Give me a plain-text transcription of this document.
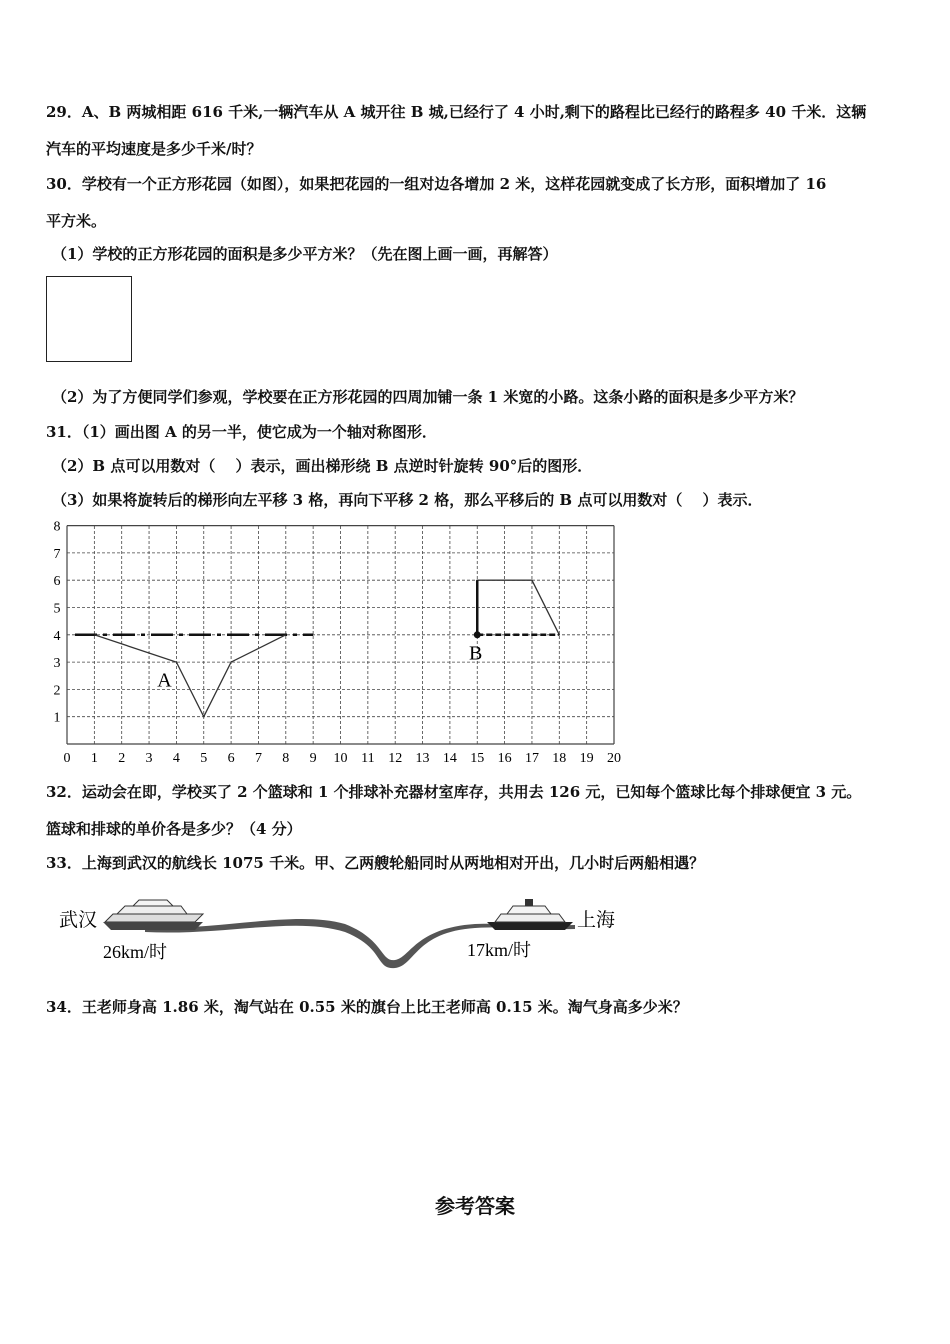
29．A、B 两城相距 616 千米,一辆汽车从 A 城开往 B 城,已经行了 4 小时,剩下的路程比已经行的路程多 40 千米．这辆
汽车的平均速度是多少千米/时？
30．学校有一个正方形花园（如图），如果把花园的一组对边各增加 2 米，这样花园就变成了长方形，面积增加了 16
平方米。
（1）学校的正方形花园的面积是多少平方米？（先在图上画一画，再解答）
（2）为了方便同学们参观，学校要在正方形花园的四周加铺一条 1 米宽的小路。这条小路的面积是多少平方米？
31．（1）画出图 A 的另一半，使它成为一个轴对称图形．
（2）B 点可以用数对（　 ）表示，画出梯形绕 B 点逆时针旋转 90°后的图形．
（3）如果将旋转后的梯形向左平移 3 格，再向下平移 2 格，那么平移后的 B 点可以用数对（　 ）表示．
0 1 2 3 4 5 6 7 8 9 10 11 12 13 14 15 16 17 18 19 20
1
2
3
4
5
6
7
8
A
B
32．运动会在即，学校买了 2 个篮球和 1 个排球补充器材室库存，共用去 126 元，已知每个篮球比每个排球便宜 3 元。
篮球和排球的单价各是多少？（4 分）
33．上海到武汉的航线长 1075 千米。甲、乙两艘轮船同时从两地相对开出，几小时后两船相遇？
武汉
26km/时
上海
17km/时
34．王老师身高 1.86 米，淘气站在 0.55 米的旗台上比王老师高 0.15 米。淘气身高多少米？
参考答案
